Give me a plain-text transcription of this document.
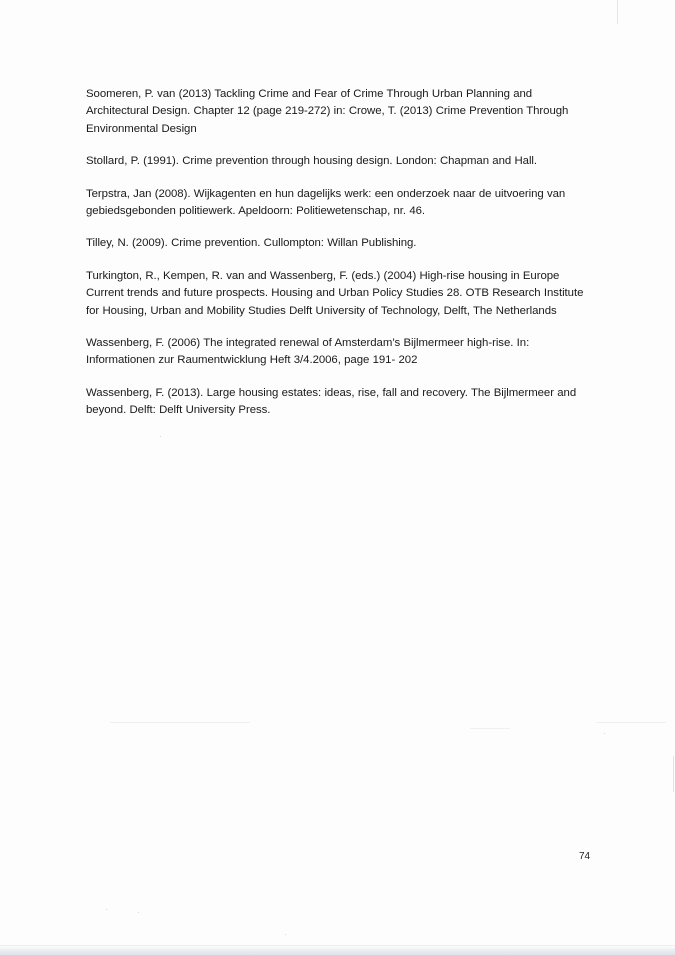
Soomeren, P. van (2013) Tackling Crime and Fear of Crime Through Urban Planning and
Architectural Design. Chapter 12 (page 219-272) in: Crowe, T. (2013) Crime Prevention Through
Environmental Design
Stollard, P. (1991). Crime prevention through housing design. London: Chapman and Hall.
Terpstra, Jan (2008). Wijkagenten en hun dagelijks werk: een onderzoek naar de uitvoering van
gebiedsgebonden politiewerk. Apeldoorn: Politiewetenschap, nr. 46.
Tilley, N. (2009). Crime prevention. Cullompton: Willan Publishing.
Turkington, R., Kempen, R. van and Wassenberg, F. (eds.) (2004) High-rise housing in Europe
Current trends and future prospects. Housing and Urban Policy Studies 28. OTB Research Institute
for Housing, Urban and Mobility Studies Delft University of Technology, Delft, The Netherlands
Wassenberg, F. (2006) The integrated renewal of Amsterdam’s Bijlmermeer high-rise. In:
Informationen zur Raumentwicklung Heft 3/4.2006, page 191- 202
Wassenberg, F. (2013). Large housing estates: ideas, rise, fall and recovery. The Bijlmermeer and
beyond. Delft: Delft University Press.
74
